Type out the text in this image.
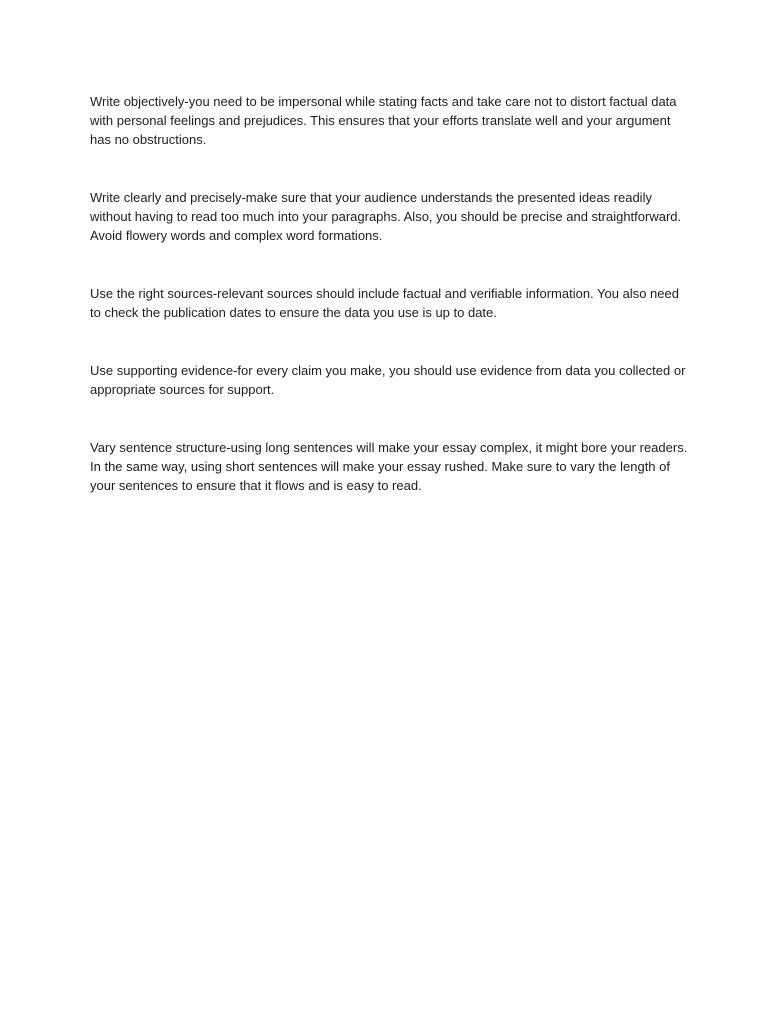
Write objectively-you need to be impersonal while stating facts and take care not to distort factual data with personal feelings and prejudices. This ensures that your efforts translate well and your argument has no obstructions.

Write clearly and precisely-make sure that your audience understands the presented ideas readily without having to read too much into your paragraphs. Also, you should be precise and straightforward. Avoid flowery words and complex word formations.

Use the right sources-relevant sources should include factual and verifiable information. You also need to check the publication dates to ensure the data you use is up to date.

Use supporting evidence-for every claim you make, you should use evidence from data you collected or appropriate sources for support.

Vary sentence structure-using long sentences will make your essay complex, it might bore your readers. In the same way, using short sentences will make your essay rushed. Make sure to vary the length of your sentences to ensure that it flows and is easy to read.
